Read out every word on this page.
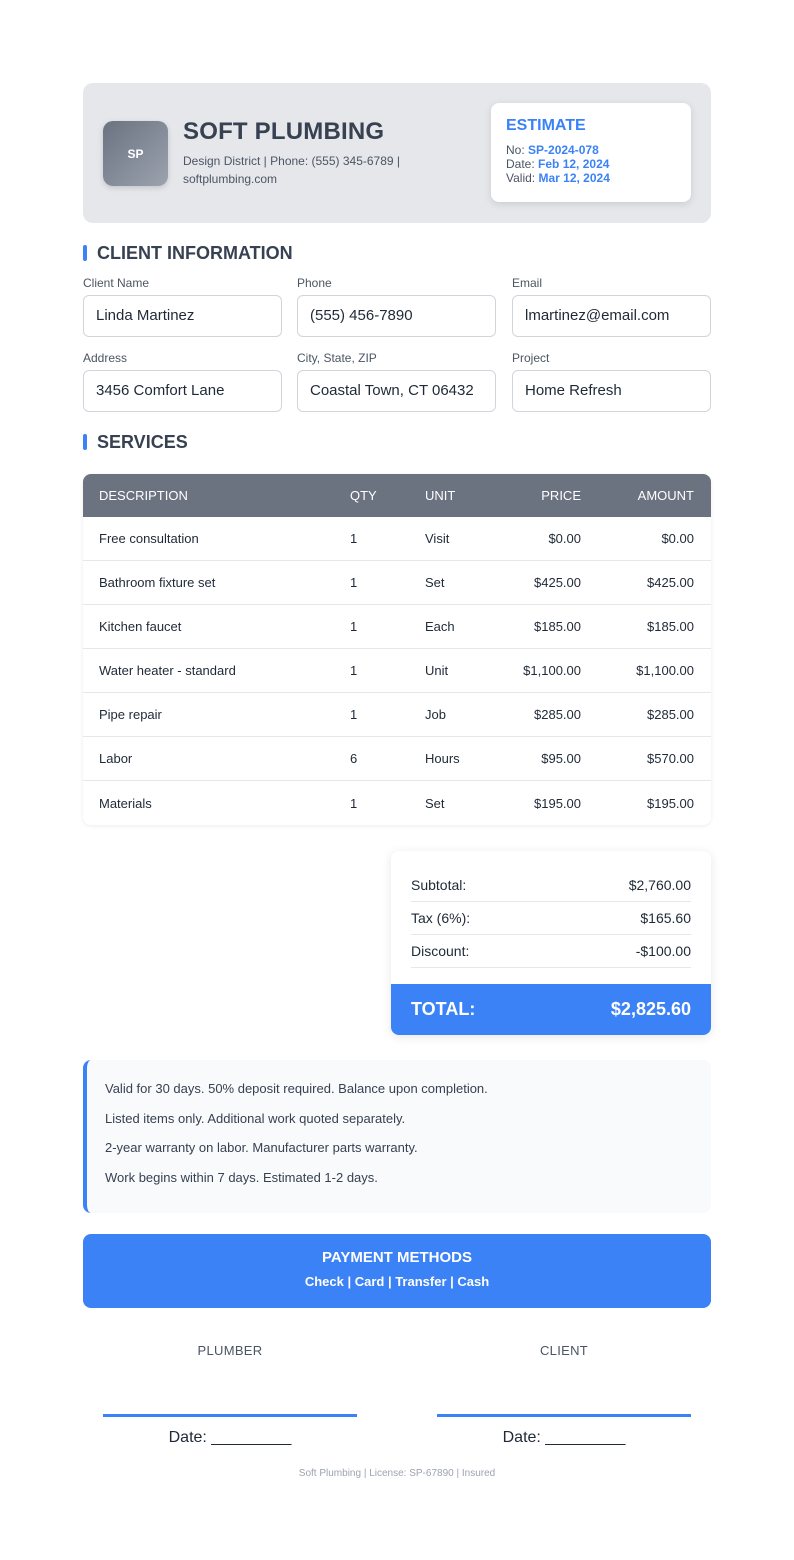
SP
SOFT PLUMBING
Design District | Phone: (555) 345-6789 | softplumbing.com
ESTIMATE
No: SP-2024-078
Date: Feb 12, 2024
Valid: Mar 12, 2024
CLIENT INFORMATION
Client Name
Linda Martinez
Phone
(555) 456-7890
Email
lmartinez@email.com
Address
3456 Comfort Lane
City, State, ZIP
Coastal Town, CT 06432
Project
Home Refresh
SERVICES
DESCRIPTION	QTY	UNIT	PRICE	AMOUNT
Free consultation	1	Visit	$0.00	$0.00
Bathroom fixture set	1	Set	$425.00	$425.00
Kitchen faucet	1	Each	$185.00	$185.00
Water heater - standard	1	Unit	$1,100.00	$1,100.00
Pipe repair	1	Job	$285.00	$285.00
Labor	6	Hours	$95.00	$570.00
Materials	1	Set	$195.00	$195.00
Subtotal:	$2,760.00
Tax (6%):	$165.60
Discount:	-$100.00
TOTAL:	$2,825.60
Valid for 30 days. 50% deposit required. Balance upon completion.
Listed items only. Additional work quoted separately.
2-year warranty on labor. Manufacturer parts warranty.
Work begins within 7 days. Estimated 1-2 days.
PAYMENT METHODS
Check | Card | Transfer | Cash
PLUMBER
Date: _________
CLIENT
Date: _________
Soft Plumbing | License: SP-67890 | Insured
